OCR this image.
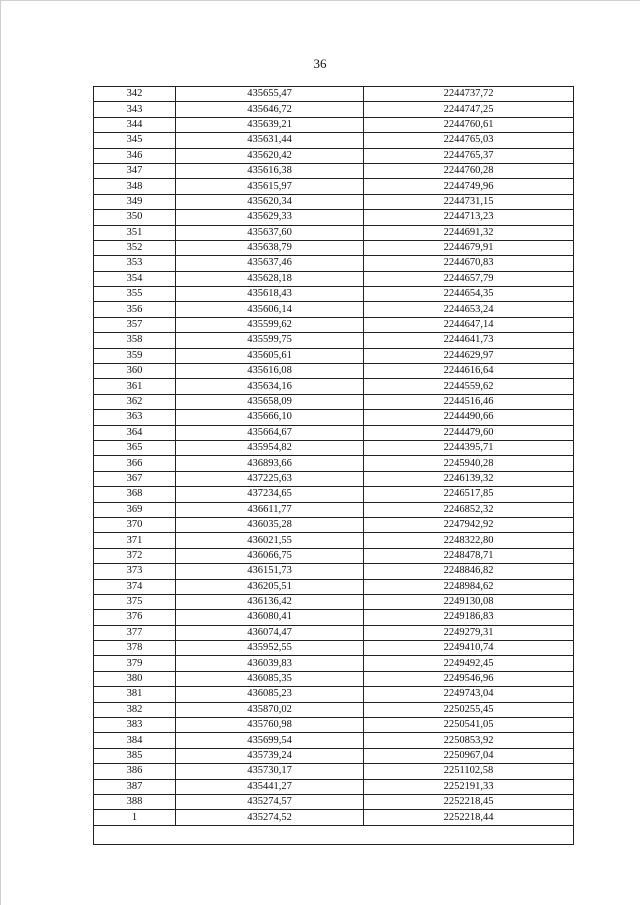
36
342	435655,47	2244737,72
343	435646,72	2244747,25
344	435639,21	2244760,61
345	435631,44	2244765,03
346	435620,42	2244765,37
347	435616,38	2244760,28
348	435615,97	2244749,96
349	435620,34	2244731,15
350	435629,33	2244713,23
351	435637,60	2244691,32
352	435638,79	2244679,91
353	435637,46	2244670,83
354	435628,18	2244657,79
355	435618,43	2244654,35
356	435606,14	2244653,24
357	435599,62	2244647,14
358	435599,75	2244641,73
359	435605,61	2244629,97
360	435616,08	2244616,64
361	435634,16	2244559,62
362	435658,09	2244516,46
363	435666,10	2244490,66
364	435664,67	2244479,60
365	435954,82	2244395,71
366	436893,66	2245940,28
367	437225,63	2246139,32
368	437234,65	2246517,85
369	436611,77	2246852,32
370	436035,28	2247942,92
371	436021,55	2248322,80
372	436066,75	2248478,71
373	436151,73	2248846,82
374	436205,51	2248984,62
375	436136,42	2249130,08
376	436080,41	2249186,83
377	436074,47	2249279,31
378	435952,55	2249410,74
379	436039,83	2249492,45
380	436085,35	2249546,96
381	436085,23	2249743,04
382	435870,02	2250255,45
383	435760,98	2250541,05
384	435699,54	2250853,92
385	435739,24	2250967,04
386	435730,17	2251102,58
387	435441,27	2252191,33
388	435274,57	2252218,45
1	435274,52	2252218,44
